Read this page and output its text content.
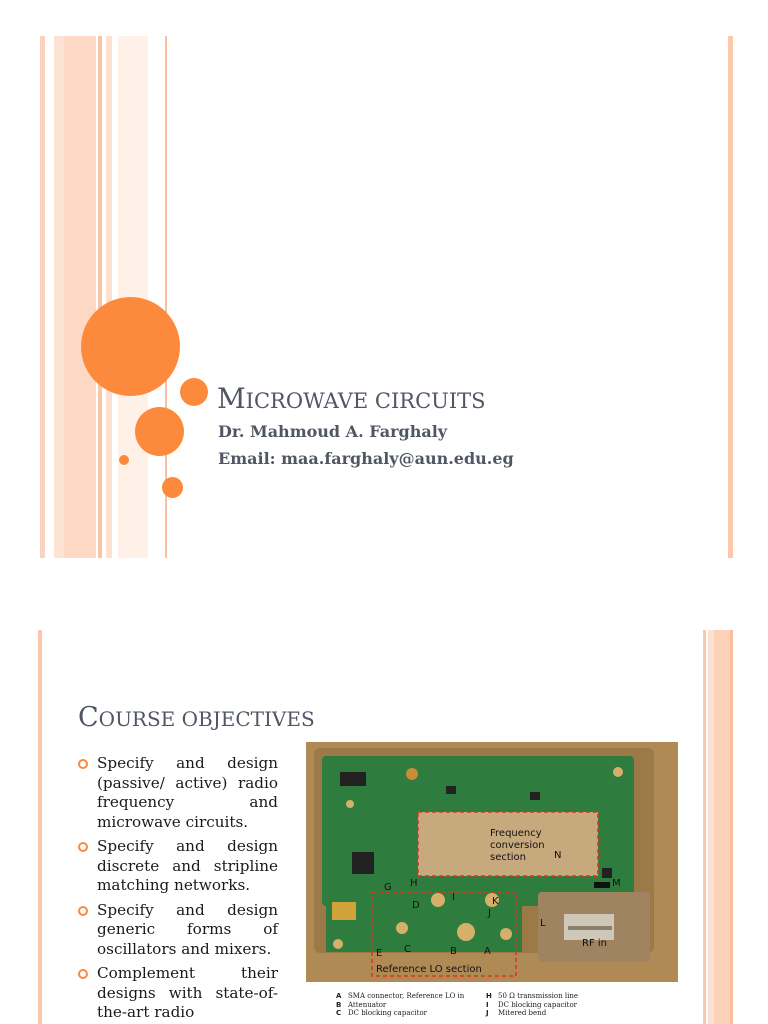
MICROWAVE CIRCUITS
Dr. Mahmoud A. Farghaly
Email: maa.farghaly@aun.edu.eg
COURSE OBJECTIVES
Specify and design (passive/ active) radio frequency and microwave circuits.
Specify and design discrete and stripline matching networks.
Specify and design generic forms of oscillators and mixers.
Complement their designs with state-of-the-art radio
Frequency conversion section	N
M
L
RF in
G H
I	K
J
D
E C	B	A
Reference LO section
A SMA connector, Reference LO in
B Attenuator
C DC blocking capacitor
H 50 Ω transmission line
I DC blocking capacitor
J Mitered bend
